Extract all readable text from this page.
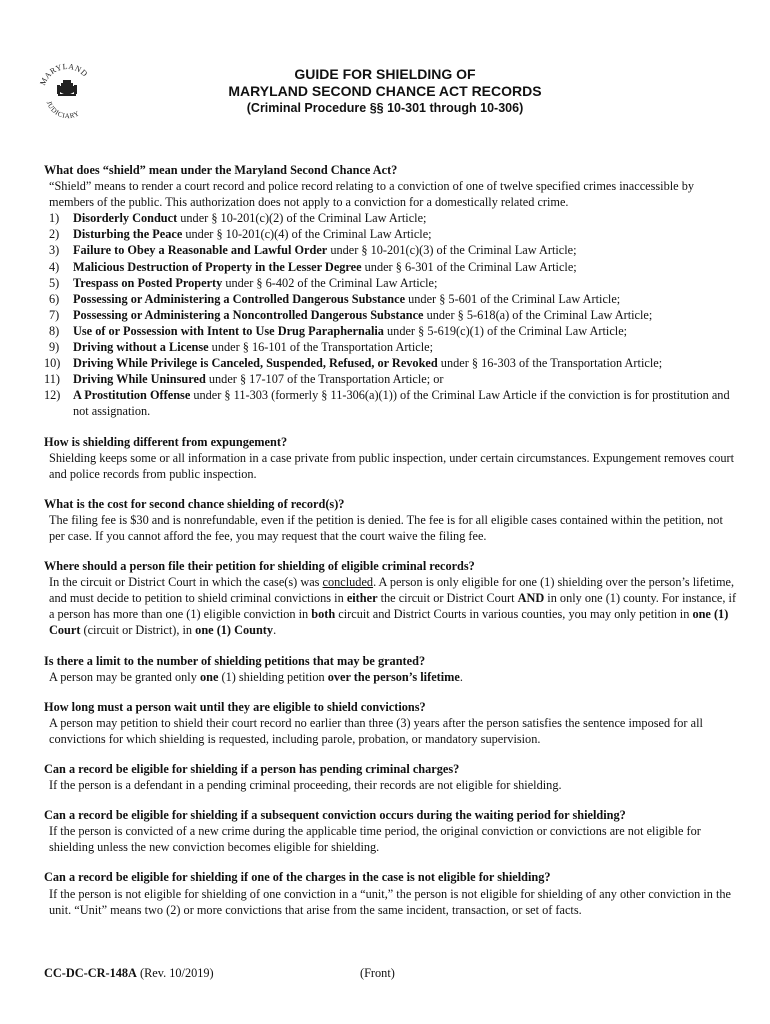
MARYLAND
JUDICIARY
GUIDE FOR SHIELDING OF
MARYLAND SECOND CHANCE ACT RECORDS
(Criminal Procedure §§ 10-301 through 10-306)
What does “shield” mean under the Maryland Second Chance Act?
“Shield” means to render a court record and police record relating to a conviction of one of twelve specified crimes inaccessible by members of the public. This authorization does not apply to a conviction for a domestically related crime.
1) Disorderly Conduct under § 10-201(c)(2) of the Criminal Law Article;
2) Disturbing the Peace under § 10-201(c)(4) of the Criminal Law Article;
3) Failure to Obey a Reasonable and Lawful Order under § 10-201(c)(3) of the Criminal Law Article;
4) Malicious Destruction of Property in the Lesser Degree under § 6-301 of the Criminal Law Article;
5) Trespass on Posted Property under § 6-402 of the Criminal Law Article;
6) Possessing or Administering a Controlled Dangerous Substance under § 5-601 of the Criminal Law Article;
7) Possessing or Administering a Noncontrolled Dangerous Substance under § 5-618(a) of the Criminal Law Article;
8) Use of or Possession with Intent to Use Drug Paraphernalia under § 5-619(c)(1) of the Criminal Law Article;
9) Driving without a License under § 16-101 of the Transportation Article;
10) Driving While Privilege is Canceled, Suspended, Refused, or Revoked under § 16-303 of the Transportation Article;
11) Driving While Uninsured under § 17-107 of the Transportation Article; or
12) A Prostitution Offense under § 11-303 (formerly § 11-306(a)(1)) of the Criminal Law Article if the conviction is for prostitution and not assignation.
How is shielding different from expungement?
Shielding keeps some or all information in a case private from public inspection, under certain circumstances. Expungement removes court and police records from public inspection.
What is the cost for second chance shielding of record(s)?
The filing fee is $30 and is nonrefundable, even if the petition is denied. The fee is for all eligible cases contained within the petition, not per case. If you cannot afford the fee, you may request that the court waive the filing fee.
Where should a person file their petition for shielding of eligible criminal records?
In the circuit or District Court in which the case(s) was concluded. A person is only eligible for one (1) shielding over the person’s lifetime, and must decide to petition to shield criminal convictions in either the circuit or District Court AND in only one (1) county. For instance, if a person has more than one (1) eligible conviction in both circuit and District Courts in various counties, you may only petition in one (1) Court (circuit or District), in one (1) County.
Is there a limit to the number of shielding petitions that may be granted?
A person may be granted only one (1) shielding petition over the person’s lifetime.
How long must a person wait until they are eligible to shield convictions?
A person may petition to shield their court record no earlier than three (3) years after the person satisfies the sentence imposed for all convictions for which shielding is requested, including parole, probation, or mandatory supervision.
Can a record be eligible for shielding if a person has pending criminal charges?
If the person is a defendant in a pending criminal proceeding, their records are not eligible for shielding.
Can a record be eligible for shielding if a subsequent conviction occurs during the waiting period for shielding?
If the person is convicted of a new crime during the applicable time period, the original conviction or convictions are not eligible for shielding unless the new conviction becomes eligible for shielding.
Can a record be eligible for shielding if one of the charges in the case is not eligible for shielding?
If the person is not eligible for shielding of one conviction in a “unit,” the person is not eligible for shielding of any other conviction in the unit. “Unit” means two (2) or more convictions that arise from the same incident, transaction, or set of facts.
CC-DC-CR-148A (Rev. 10/2019)	(Front)
